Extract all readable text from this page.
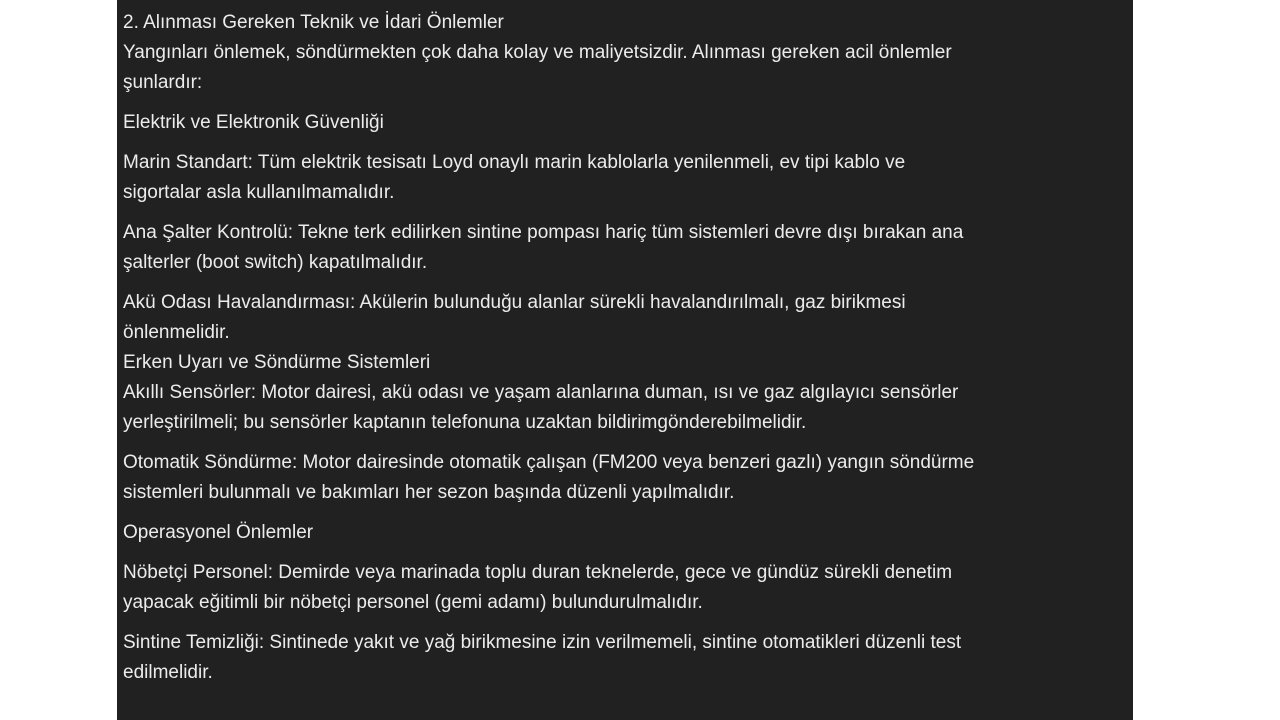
2. Alınması Gereken Teknik ve İdari Önlemler
Yangınları önlemek, söndürmekten çok daha kolay ve maliyetsizdir. Alınması gereken acil önlemler
şunlardır:
Elektrik ve Elektronik Güvenliği
Marin Standart: Tüm elektrik tesisatı Loyd onaylı marin kablolarla yenilenmeli, ev tipi kablo ve
sigortalar asla kullanılmamalıdır.
Ana Şalter Kontrolü: Tekne terk edilirken sintine pompası hariç tüm sistemleri devre dışı bırakan ana
şalterler (boot switch) kapatılmalıdır.
Akü Odası Havalandırması: Akülerin bulunduğu alanlar sürekli havalandırılmalı, gaz birikmesi
önlenmelidir.
Erken Uyarı ve Söndürme Sistemleri
Akıllı Sensörler: Motor dairesi, akü odası ve yaşam alanlarına duman, ısı ve gaz algılayıcı sensörler
yerleştirilmeli; bu sensörler kaptanın telefonuna uzaktan bildirimgönderebilmelidir.
Otomatik Söndürme: Motor dairesinde otomatik çalışan (FM200 veya benzeri gazlı) yangın söndürme
sistemleri bulunmalı ve bakımları her sezon başında düzenli yapılmalıdır.
Operasyonel Önlemler
Nöbetçi Personel: Demirde veya marinada toplu duran teknelerde, gece ve gündüz sürekli denetim
yapacak eğitimli bir nöbetçi personel (gemi adamı) bulundurulmalıdır.
Sintine Temizliği: Sintinede yakıt ve yağ birikmesine izin verilmemeli, sintine otomatikleri düzenli test
edilmelidir.
